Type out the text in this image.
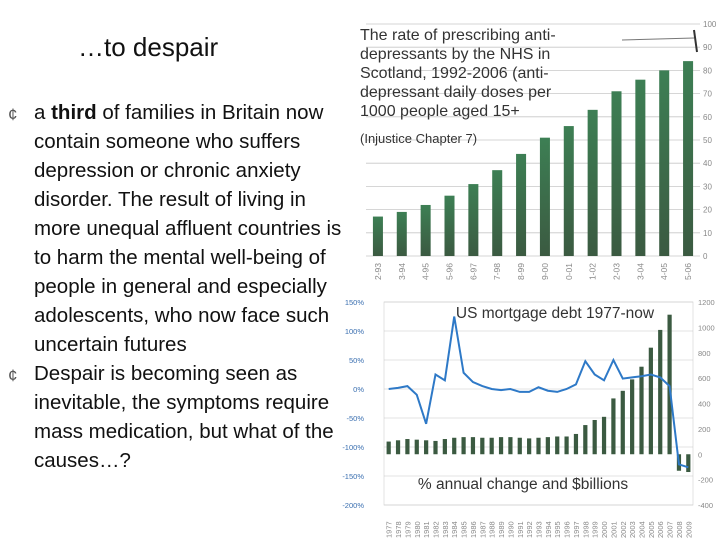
…to despair
¢ a third of families in Britain now contain someone who suffers depression or chronic anxiety disorder. The result of living in more unequal affluent countries is to harm the mental well-being of people in general and especially adolescents, who now face such uncertain futures
¢ Despair is becoming seen as inevitable, the symptoms require mass medication, but what of the causes…?
0
10
20
30
40
50
60
70
80
90
100
2-93 3-94 4-95 5-96 6-97 7-98 8-99 9-00 0-01 1-02 2-03 3-04 4-05 5-06
The rate of prescribing anti-depressants by the NHS in Scotland, 1992-2006 (anti-depressant daily doses per 1000 people aged 15+
(Injustice Chapter 7)
150%
100%
50%
0%
-50%
-100%
-150%
-200%
1200
1000
800
600
400
200
0
-200
-400
1977 1978 1979 1980 1981 1982 1983 1984 1985 1986 1987 1988 1989 1990 1991 1992 1993 1994 1995 1996 1997 1998 1999 2000 2001 2002 2003 2004 2005 2006 2007 2008 2009
US mortgage debt 1977-now
% annual change and $billions
